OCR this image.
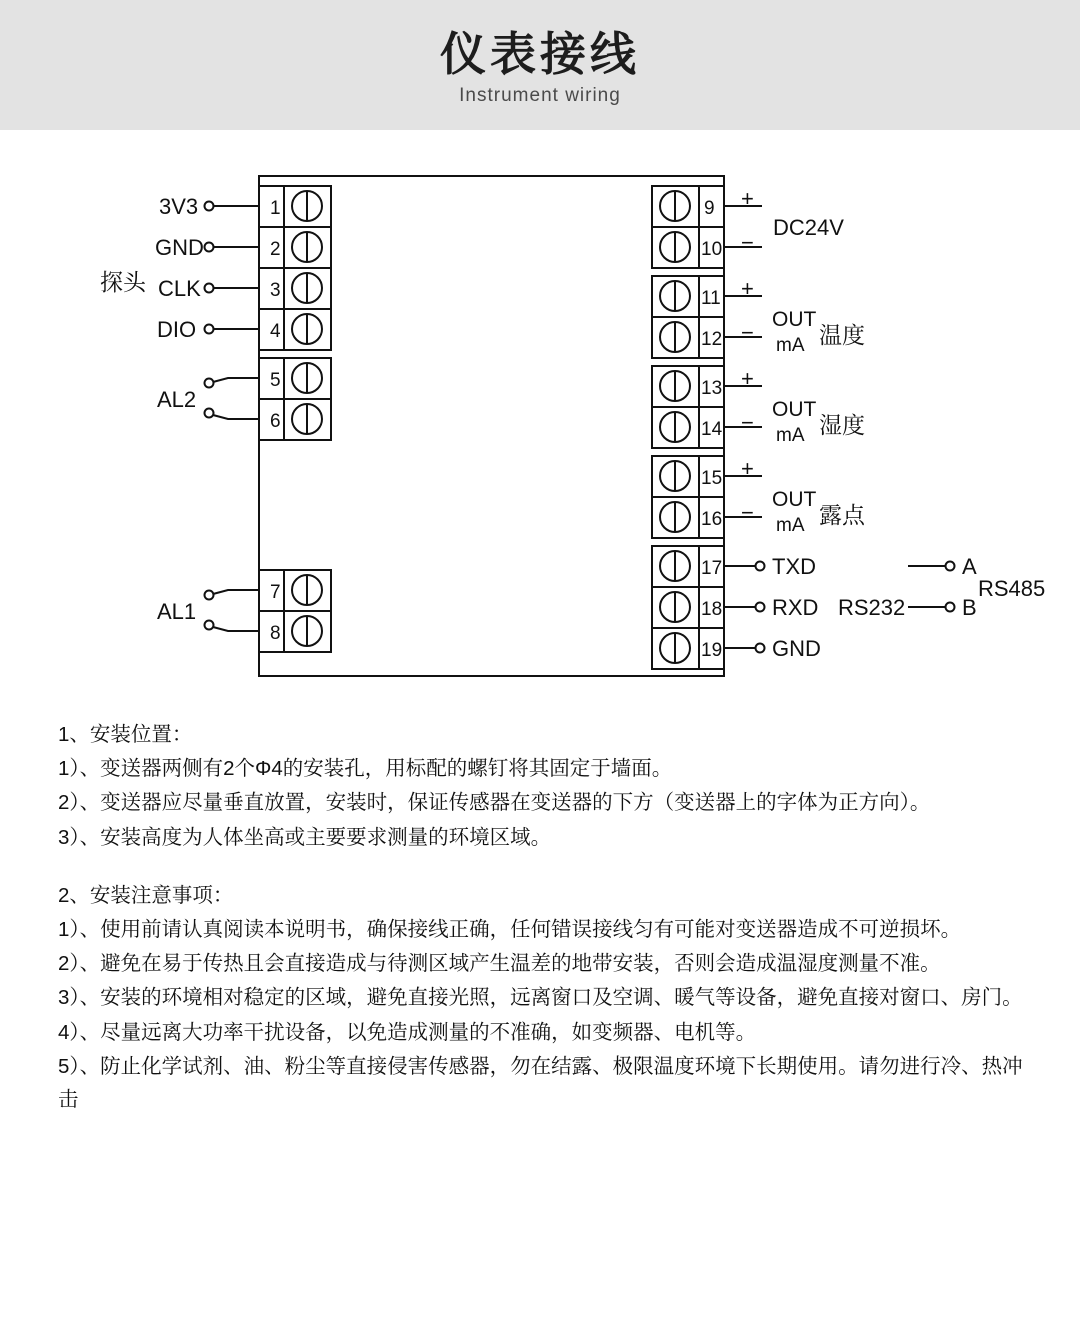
仪表接线
Instrument wiring
1
2
3
4
5
6
7
8
9
10
11
12
13
14
15
16
17
18
19
3V3
GND
CLK
DIO
探头
AL2
AL1
+
−
+
−
+
−
+
−
DC24V
OUT
mA 温度
OUT
mA 湿度
OUT
mA 露点
TXD
RXD
GND
RS232
A
B
RS485

1、安装位置：

1）、变送器两侧有2个Φ4的安装孔，用标配的螺钉将其固定于墙面。

2）、变送器应尽量垂直放置，安装时，保证传感器在变送器的下方（变送器上的字体为正方向）。

3）、安装高度为人体坐高或主要要求测量的环境区域。

2、安装注意事项：

1）、使用前请认真阅读本说明书，确保接线正确，任何错误接线匀有可能对变送器造成不可逆损坏。

2）、避免在易于传热且会直接造成与待测区域产生温差的地带安装，否则会造成温湿度测量不准。

3）、安装的环境相对稳定的区域，避免直接光照，远离窗口及空调、暖气等设备，避免直接对窗口、房门。

4）、尽量远离大功率干扰设备，以免造成测量的不准确，如变频器、电机等。

5）、防止化学试剂、油、粉尘等直接侵害传感器，勿在结露、极限温度环境下长期使用。请勿进行冷、热冲击
